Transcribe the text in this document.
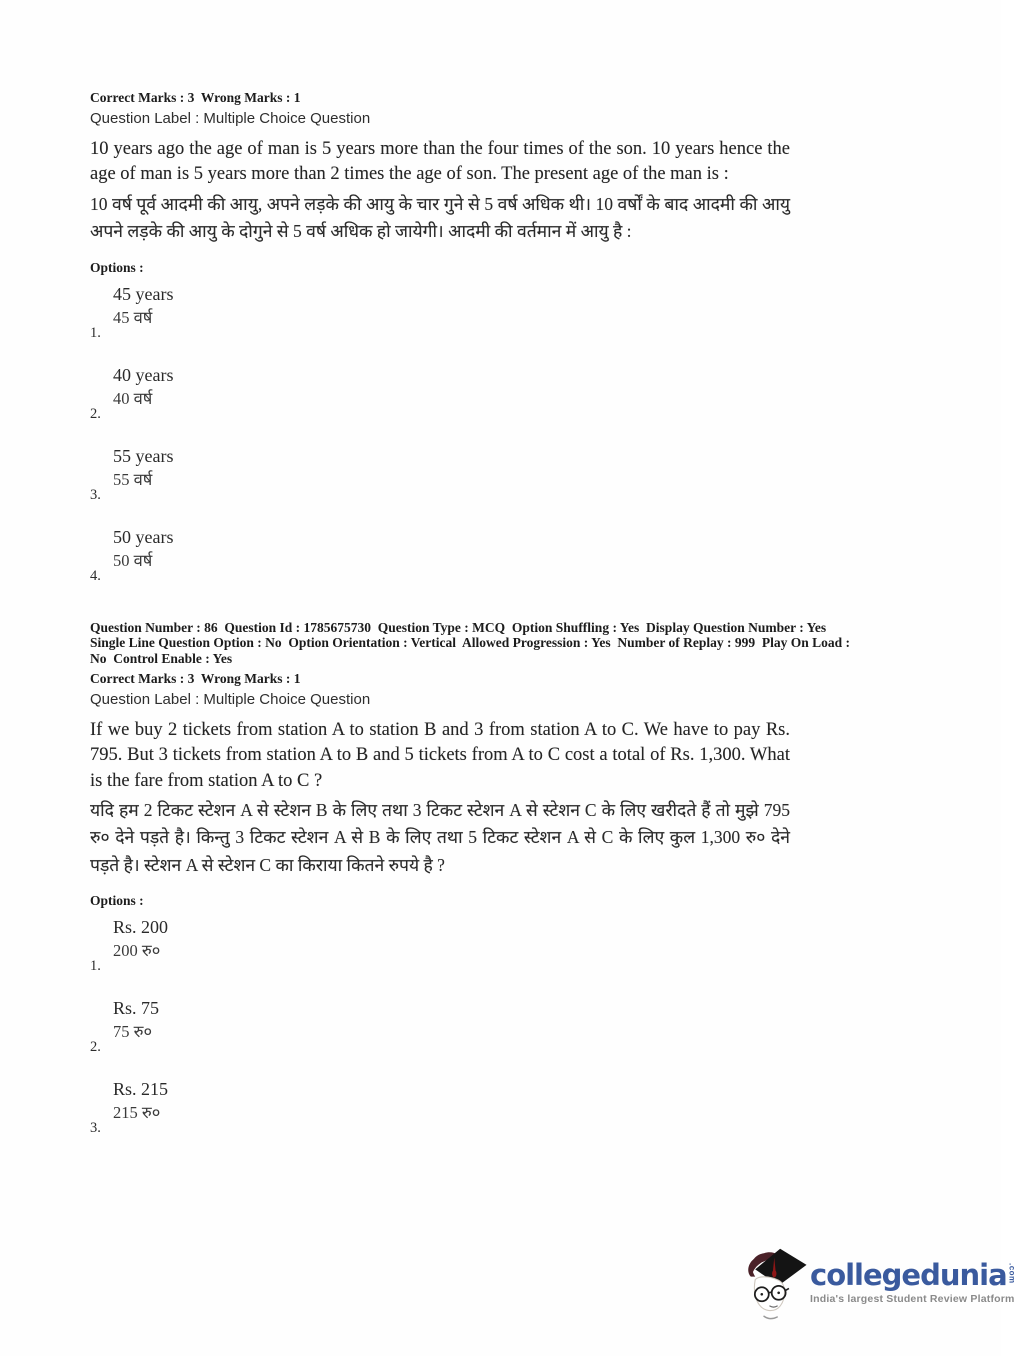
Correct Marks : 3  Wrong Marks : 1
Question Label : Multiple Choice Question

10 years ago the age of man is 5 years more than the four times of the son. 10 years hence the age of man is 5 years more than 2 times the age of son. The present age of the man is :

10 वर्ष पूर्व आदमी की आयु, अपने लड़के की आयु के चार गुने से 5 वर्ष अधिक थी। 10 वर्षों के बाद आदमी की आयु अपने लड़के की आयु के दोगुने से 5 वर्ष अधिक हो जायेगी। आदमी की वर्तमान में आयु है :

Options :
1.
45 years
45 वर्ष
2.
40 years
40 वर्ष
3.
55 years
55 वर्ष
4.
50 years
50 वर्ष
Question Number : 86  Question Id : 1785675730  Question Type : MCQ  Option Shuffling : Yes  Display Question Number : Yes
Single Line Question Option : No  Option Orientation : Vertical  Allowed Progression : Yes  Number of Replay : 999  Play On Load :
No  Control Enable : Yes
Correct Marks : 3  Wrong Marks : 1
Question Label : Multiple Choice Question

If we buy 2 tickets from station A to station B and 3 from station A to C. We have to pay Rs. 795. But 3 tickets from station A to B and 5 tickets from A to C cost a total of Rs. 1,300. What is the fare from station A to C ?

यदि हम 2 टिकट स्टेशन A से स्टेशन B के लिए तथा 3 टिकट स्टेशन A से स्टेशन C के लिए खरीदते हैं तो मुझे 795 रु० देने पड़ते है। किन्तु 3 टिकट स्टेशन A से B के लिए तथा 5 टिकट स्टेशन A से C के लिए कुल 1,300 रु० देने पड़ते है। स्टेशन A से स्टेशन C का किराया कितने रुपये है ?

Options :
1.
Rs. 200
200 रु०
2.
Rs. 75
75 रु०
3.
Rs. 215
215 रु०
collegedunia .com
India's largest Student Review Platform
